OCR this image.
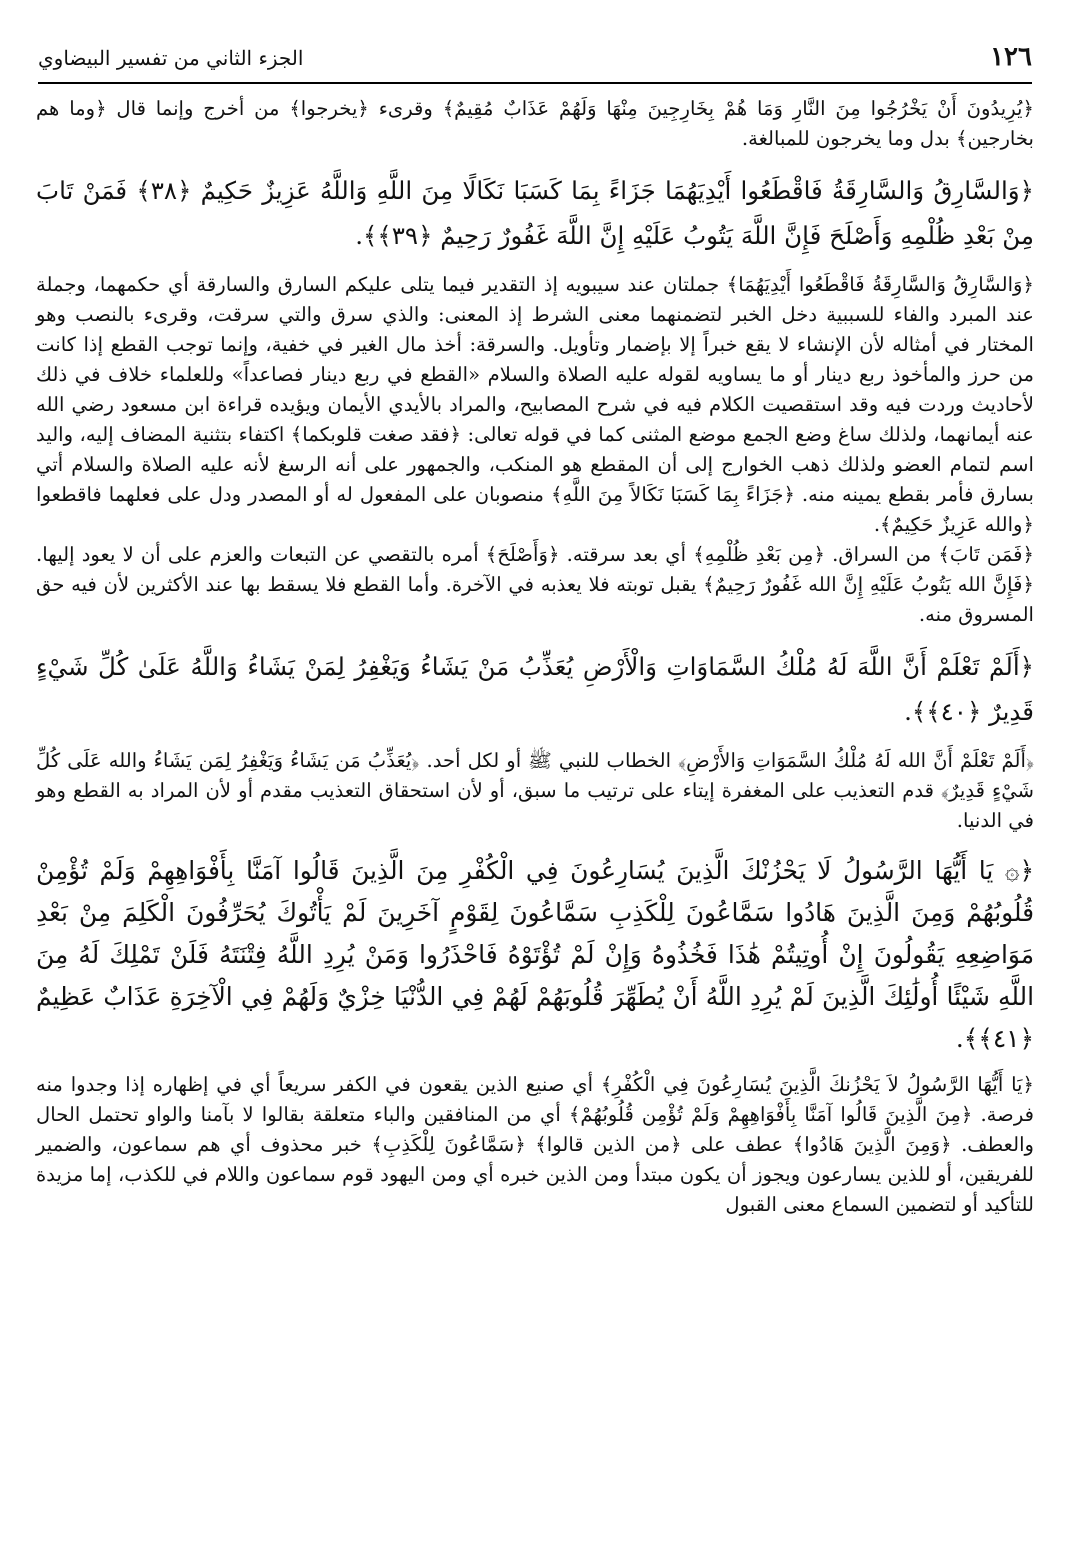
١٢٦
الجزء الثاني من تفسير البيضاوي

﴿يُرِيدُونَ أَنْ يَخْرُجُوا مِنَ النَّارِ وَمَا هُمْ بِخَارِجِينَ مِنْهَا وَلَهُمْ عَذَابٌ مُقِيمٌ﴾ وقرىء ﴿يخرجوا﴾ من أخرج وإنما قال ﴿وما هم بخارجين﴾ بدل وما يخرجون للمبالغة.

﴿وَالسَّارِقُ وَالسَّارِقَةُ فَاقْطَعُوا أَيْدِيَهُمَا جَزَاءً بِمَا كَسَبَا نَكَالًا مِنَ اللَّهِ وَاللَّهُ عَزِيزٌ حَكِيمٌ ﴿٣٨﴾ فَمَنْ تَابَ مِنْ بَعْدِ ظُلْمِهِ وَأَصْلَحَ فَإِنَّ اللَّهَ يَتُوبُ عَلَيْهِ إِنَّ اللَّهَ غَفُورٌ رَحِيمٌ ﴿٣٩﴾﴾.

﴿وَالسَّارِقُ وَالسَّارِقَةُ فَاقْطَعُوا أَيْدِيَهُمَا﴾ جملتان عند سيبويه إذ التقدير فيما يتلى عليكم السارق والسارقة أي حكمهما، وجملة عند المبرد والفاء للسببية دخل الخبر لتضمنهما معنى الشرط إذ المعنى: والذي سرق والتي سرقت، وقرىء بالنصب وهو المختار في أمثاله لأن الإنشاء لا يقع خبراً إلا بإضمار وتأويل. والسرقة: أخذ مال الغير في خفية، وإنما توجب القطع إذا كانت من حرز والمأخوذ ربع دينار أو ما يساويه لقوله عليه الصلاة والسلام «القطع في ربع دينار فصاعداً» وللعلماء خلاف في ذلك لأحاديث وردت فيه وقد استقصيت الكلام فيه في شرح المصابيح، والمراد بالأيدي الأيمان ويؤيده قراءة ابن مسعود رضي الله عنه أيمانهما، ولذلك ساغ وضع الجمع موضع المثنى كما في قوله تعالى: ﴿فقد صغت قلوبكما﴾ اكتفاء بتثنية المضاف إليه، واليد اسم لتمام العضو ولذلك ذهب الخوارج إلى أن المقطع هو المنكب، والجمهور على أنه الرسغ لأنه عليه الصلاة والسلام أتي بسارق فأمر بقطع يمينه منه. ﴿جَزَاءً بِمَا كَسَبَا نَكَالاً مِنَ اللَّهِ﴾ منصوبان على المفعول له أو المصدر ودل على فعلهما فاقطعوا ﴿والله عَزِيزٌ حَكِيمٌ﴾.

﴿فَمَن تَابَ﴾ من السراق. ﴿مِن بَعْدِ ظُلْمِهِ﴾ أي بعد سرقته. ﴿وَأَصْلَحَ﴾ أمره بالتقصي عن التبعات والعزم على أن لا يعود إليها. ﴿فَإِنَّ الله يَتُوبُ عَلَيْهِ إِنَّ الله غَفُورٌ رَحِيمٌ﴾ يقبل توبته فلا يعذبه في الآخرة. وأما القطع فلا يسقط بها عند الأكثرين لأن فيه حق المسروق منه.

﴿أَلَمْ تَعْلَمْ أَنَّ اللَّهَ لَهُ مُلْكُ السَّمَاوَاتِ وَالْأَرْضِ يُعَذِّبُ مَنْ يَشَاءُ وَيَغْفِرُ لِمَنْ يَشَاءُ وَاللَّهُ عَلَىٰ كُلِّ شَيْءٍ قَدِيرٌ ﴿٤٠﴾﴾.

﴿أَلَمْ تَعْلَمْ أَنَّ الله لَهُ مُلْكُ السَّمَوَاتِ وَالأَرْضِ﴾ الخطاب للنبي ﷺ أو لكل أحد. ﴿يُعَذِّبُ مَن يَشَاءُ وَيَغْفِرُ لِمَن يَشَاءُ والله عَلَى كُلِّ شَيْءٍ قَدِيرٌ﴾ قدم التعذيب على المغفرة إيتاء على ترتيب ما سبق، أو لأن استحقاق التعذيب مقدم أو لأن المراد به القطع وهو في الدنيا.

﴿۞ يَا أَيُّهَا الرَّسُولُ لَا يَحْزُنْكَ الَّذِينَ يُسَارِعُونَ فِي الْكُفْرِ مِنَ الَّذِينَ قَالُوا آمَنَّا بِأَفْوَاهِهِمْ وَلَمْ تُؤْمِنْ قُلُوبُهُمْ وَمِنَ الَّذِينَ هَادُوا سَمَّاعُونَ لِلْكَذِبِ سَمَّاعُونَ لِقَوْمٍ آخَرِينَ لَمْ يَأْتُوكَ يُحَرِّفُونَ الْكَلِمَ مِنْ بَعْدِ مَوَاضِعِهِ يَقُولُونَ إِنْ أُوتِيتُمْ هَٰذَا فَخُذُوهُ وَإِنْ لَمْ تُؤْتَوْهُ فَاحْذَرُوا وَمَنْ يُرِدِ اللَّهُ فِتْنَتَهُ فَلَنْ تَمْلِكَ لَهُ مِنَ اللَّهِ شَيْئًا أُولَٰئِكَ الَّذِينَ لَمْ يُرِدِ اللَّهُ أَنْ يُطَهِّرَ قُلُوبَهُمْ لَهُمْ فِي الدُّنْيَا خِزْيٌ وَلَهُمْ فِي الْآخِرَةِ عَذَابٌ عَظِيمٌ ﴿٤١﴾﴾.

﴿يَا أَيُّهَا الرَّسُولُ لاَ يَحْزُنكَ الَّذِينَ يُسَارِعُونَ فِي الْكُفْرِ﴾ أي صنيع الذين يقعون في الكفر سريعاً أي في إظهاره إذا وجدوا منه فرصة. ﴿مِنَ الَّذِينَ قَالُوا آمَنَّا بِأَفْوَاهِهِمْ وَلَمْ تُؤْمِن قُلُوبُهُمْ﴾ أي من المنافقين والباء متعلقة بقالوا لا بآمنا والواو تحتمل الحال والعطف. ﴿وَمِنَ الَّذِينَ هَادُوا﴾ عطف على ﴿من الذين قالوا﴾ ﴿سَمَّاعُونَ لِلْكَذِبِ﴾ خبر محذوف أي هم سماعون، والضمير للفريقين، أو للذين يسارعون ويجوز أن يكون مبتدأ ومن الذين خبره أي ومن اليهود قوم سماعون واللام في للكذب، إما مزيدة للتأكيد أو لتضمين السماع معنى القبول
